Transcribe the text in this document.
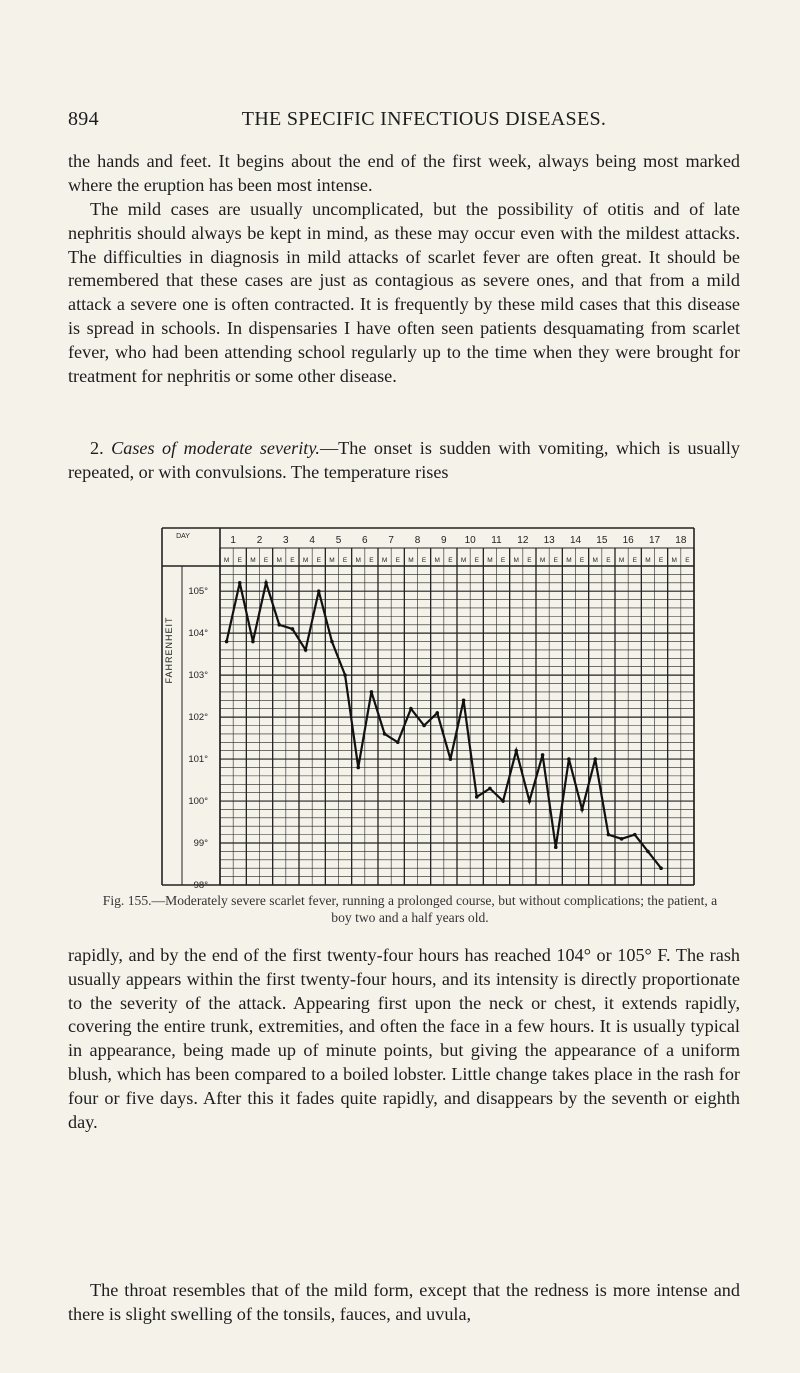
894	THE SPECIFIC INFECTIOUS DISEASES.
the hands and feet. It begins about the end of the first week, always being most marked where the eruption has been most intense.
The mild cases are usually uncomplicated, but the possibility of otitis and of late nephritis should always be kept in mind, as these may occur even with the mildest attacks. The difficulties in diagnosis in mild attacks of scarlet fever are often great. It should be remembered that these cases are just as contagious as severe ones, and that from a mild attack a severe one is often contracted. It is frequently by these mild cases that this disease is spread in schools. In dispensaries I have often seen patients desquamating from scarlet fever, who had been attending school regularly up to the time when they were brought for treatment for nephritis or some other disease.
2. Cases of moderate severity.—The onset is sudden with vomiting, which is usually repeated, or with convulsions. The temperature rises
DAY	1
M E
2
M E
3
M E
4
M E
5
M E
6
M E
7
M E
8
M E
9
M E
10
M E
11
M E
12
M E
13
M E
14
M E
15
M E
16
M E
17
M E
18
M E
FAHRENHEIT
105°
104°
103°
102°
101°
100°
99°
98°
Fig. 155.—Moderately severe scarlet fever, running a prolonged course, but without complications; the patient, a boy two and a half years old.
rapidly, and by the end of the first twenty-four hours has reached 104° or 105° F. The rash usually appears within the first twenty-four hours, and its intensity is directly proportionate to the severity of the attack. Appearing first upon the neck or chest, it extends rapidly, covering the entire trunk, extremities, and often the face in a few hours. It is usually typical in appearance, being made up of minute points, but giving the appearance of a uniform blush, which has been compared to a boiled lobster. Little change takes place in the rash for four or five days. After this it fades quite rapidly, and disappears by the seventh or eighth day.
The throat resembles that of the mild form, except that the redness is more intense and there is slight swelling of the tonsils, fauces, and uvula,
